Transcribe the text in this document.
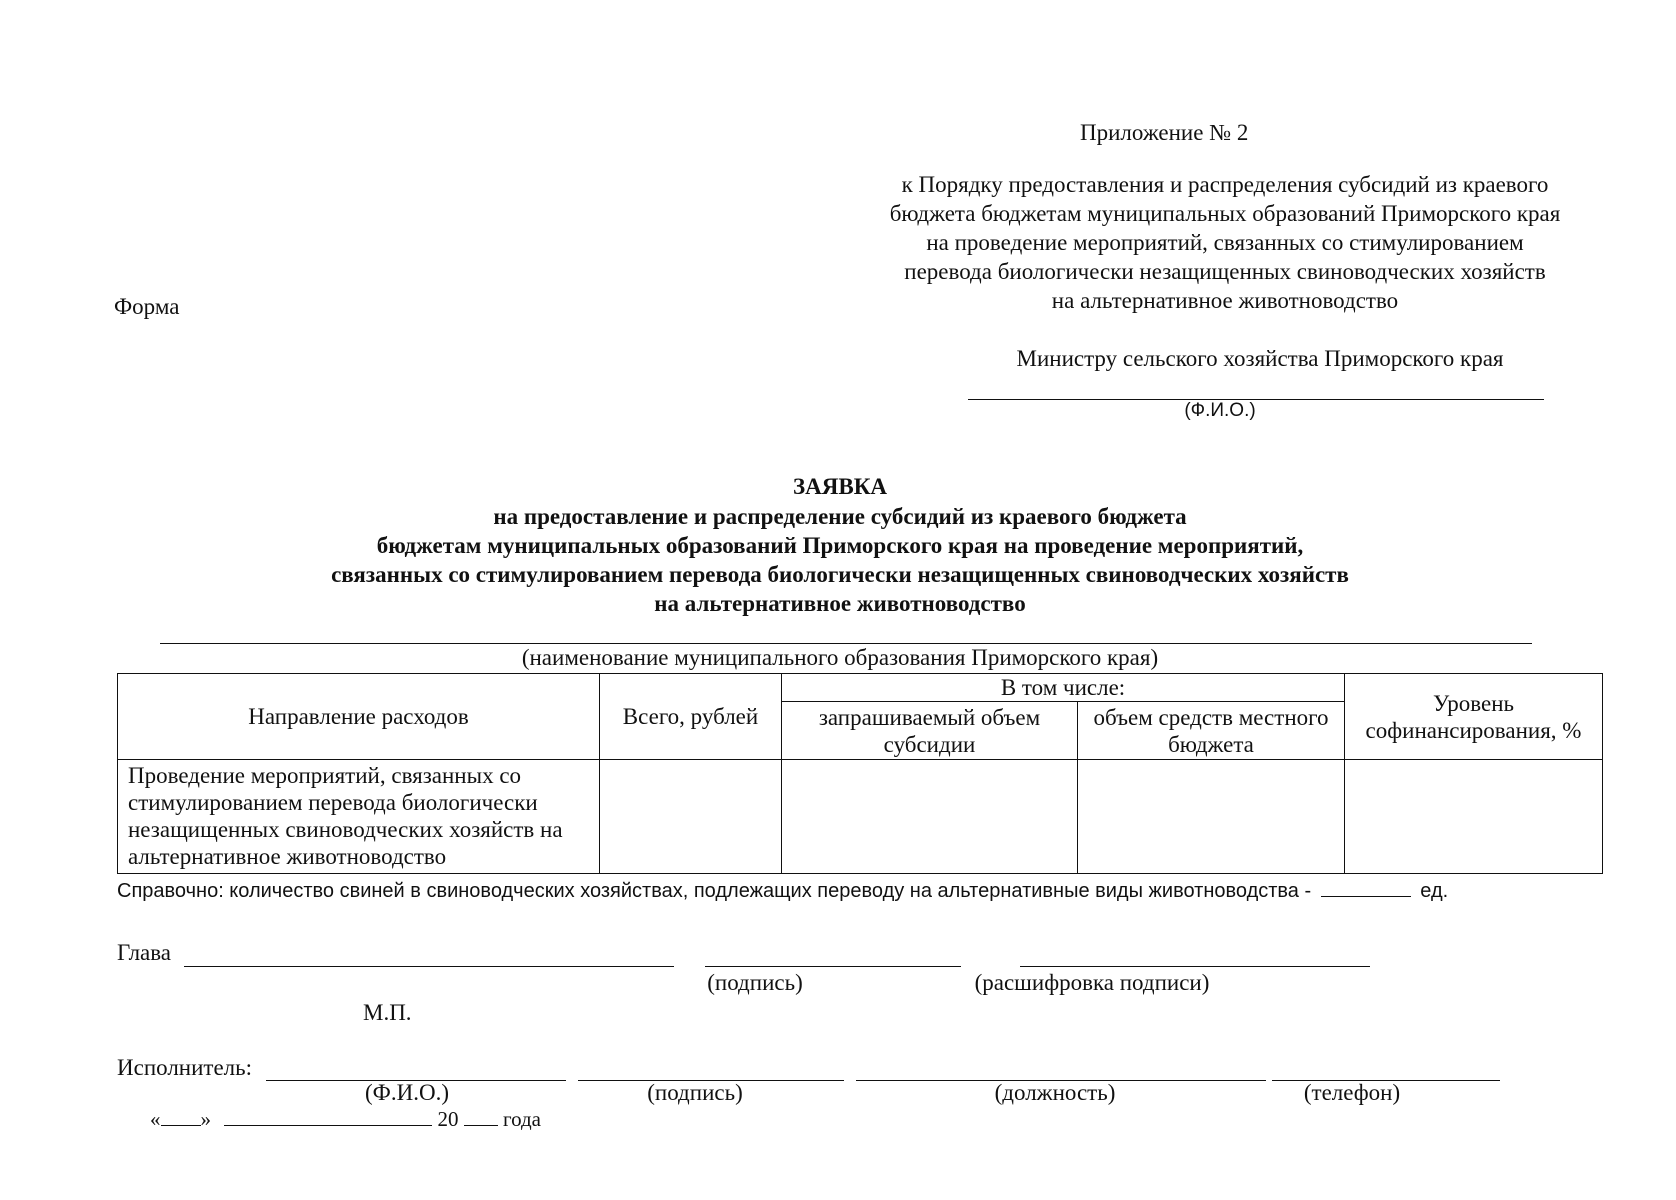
Приложение № 2
к Порядку предоставления и распределения субсидий из краевого
бюджета бюджетам муниципальных образований Приморского края
на проведение мероприятий, связанных со стимулированием
перевода биологически незащищенных свиноводческих хозяйств
на альтернативное животноводство
Форма
Министру сельского хозяйства Приморского края
(Ф.И.О.)
ЗАЯВКА
на предоставление и распределение субсидий из краевого бюджета
бюджетам муниципальных образований Приморского края на проведение мероприятий,
связанных со стимулированием перевода биологически незащищенных свиноводческих хозяйств
на альтернативное животноводство
(наименование муниципального образования Приморского края)
Направление расходов	Всего, рублей	В том числе:		Уровень софинансирования, %
		запрашиваемый объем субсидии	объем средств местного бюджета	
Проведение мероприятий, связанных со стимулированием перевода биологически незащищенных свиноводческих хозяйств на альтернативное животноводство				
Справочно: количество свиней в свиноводческих хозяйствах, подлежащих переводу на альтернативные виды животноводства -	ед.
Глава
(подпись)	(расшифровка подписи)
М.П.
Исполнитель:
(Ф.И.О.)	(подпись)	(должность)	(телефон)
« »	20 года
